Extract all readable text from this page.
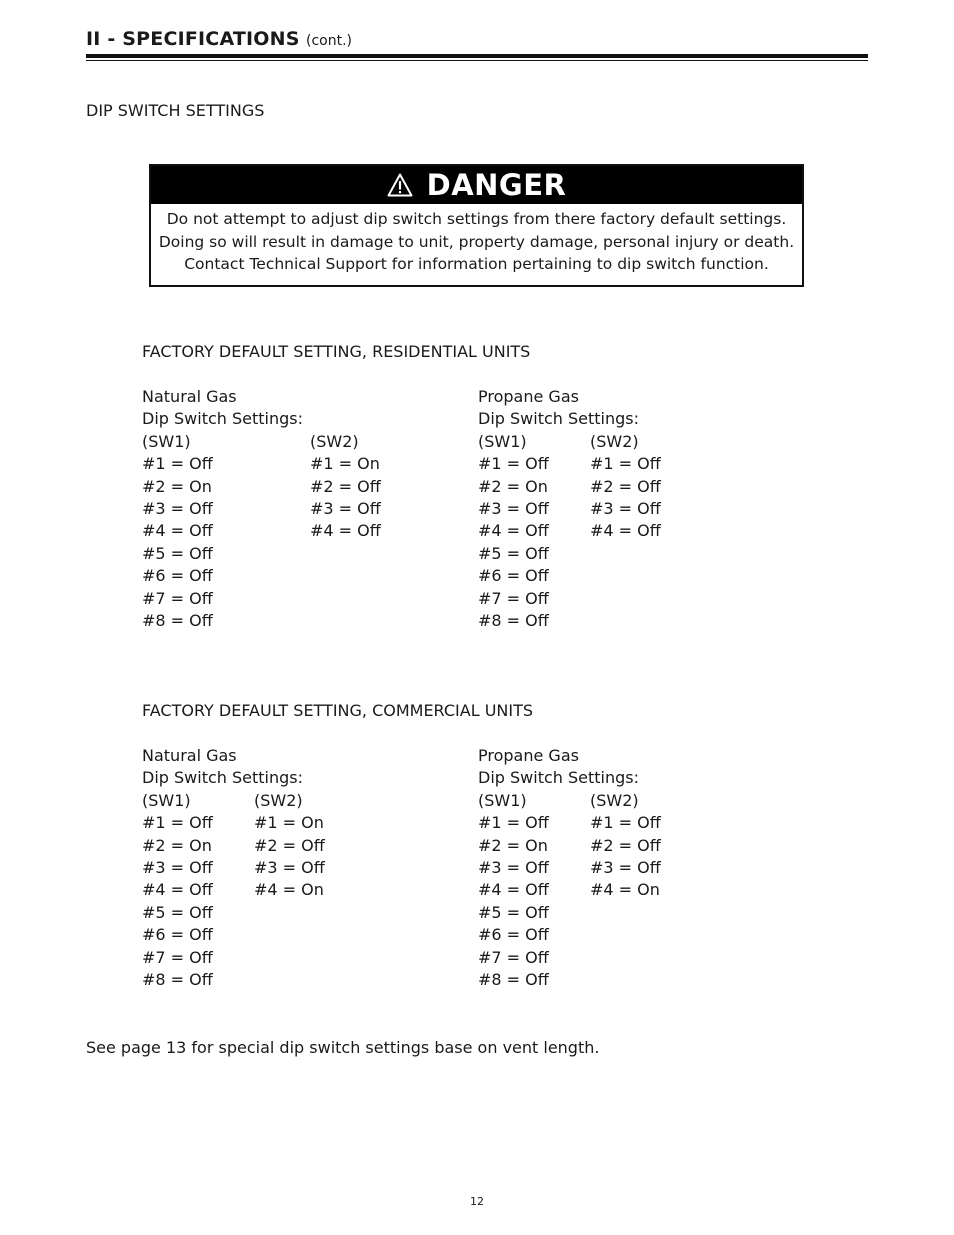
II - SPECIFICATIONS (cont.)
DIP SWITCH SETTINGS
DANGER
Do not attempt to adjust dip switch settings from there factory default settings.
Doing so will result in damage to unit, property damage, personal injury or death.
Contact Technical Support for information pertaining to dip switch function.
FACTORY DEFAULT SETTING, RESIDENTIAL UNITS
Natural Gas
Dip Switch Settings:
(SW1)
#1 = Off
#2 = On
#3 = Off
#4 = Off
#5 = Off
#6 = Off
#7 = Off
#8 = Off
(SW2)
#1 = On
#2 = Off
#3 = Off
#4 = Off
Propane Gas
Dip Switch Settings:
(SW1)
#1 = Off
#2 = On
#3 = Off
#4 = Off
#5 = Off
#6 = Off
#7 = Off
#8 = Off
(SW2)
#1 = Off
#2 = Off
#3 = Off
#4 = Off
FACTORY DEFAULT SETTING, COMMERCIAL UNITS
Natural Gas
Dip Switch Settings:
(SW1)
#1 = Off
#2 = On
#3 = Off
#4 = Off
#5 = Off
#6 = Off
#7 = Off
#8 = Off
(SW2)
#1 = On
#2 = Off
#3 = Off
#4 = On
Propane Gas
Dip Switch Settings:
(SW1)
#1 = Off
#2 = On
#3 = Off
#4 = Off
#5 = Off
#6 = Off
#7 = Off
#8 = Off
(SW2)
#1 = Off
#2 = Off
#3 = Off
#4 = On
See page 13 for special dip switch settings base on vent length.
12
